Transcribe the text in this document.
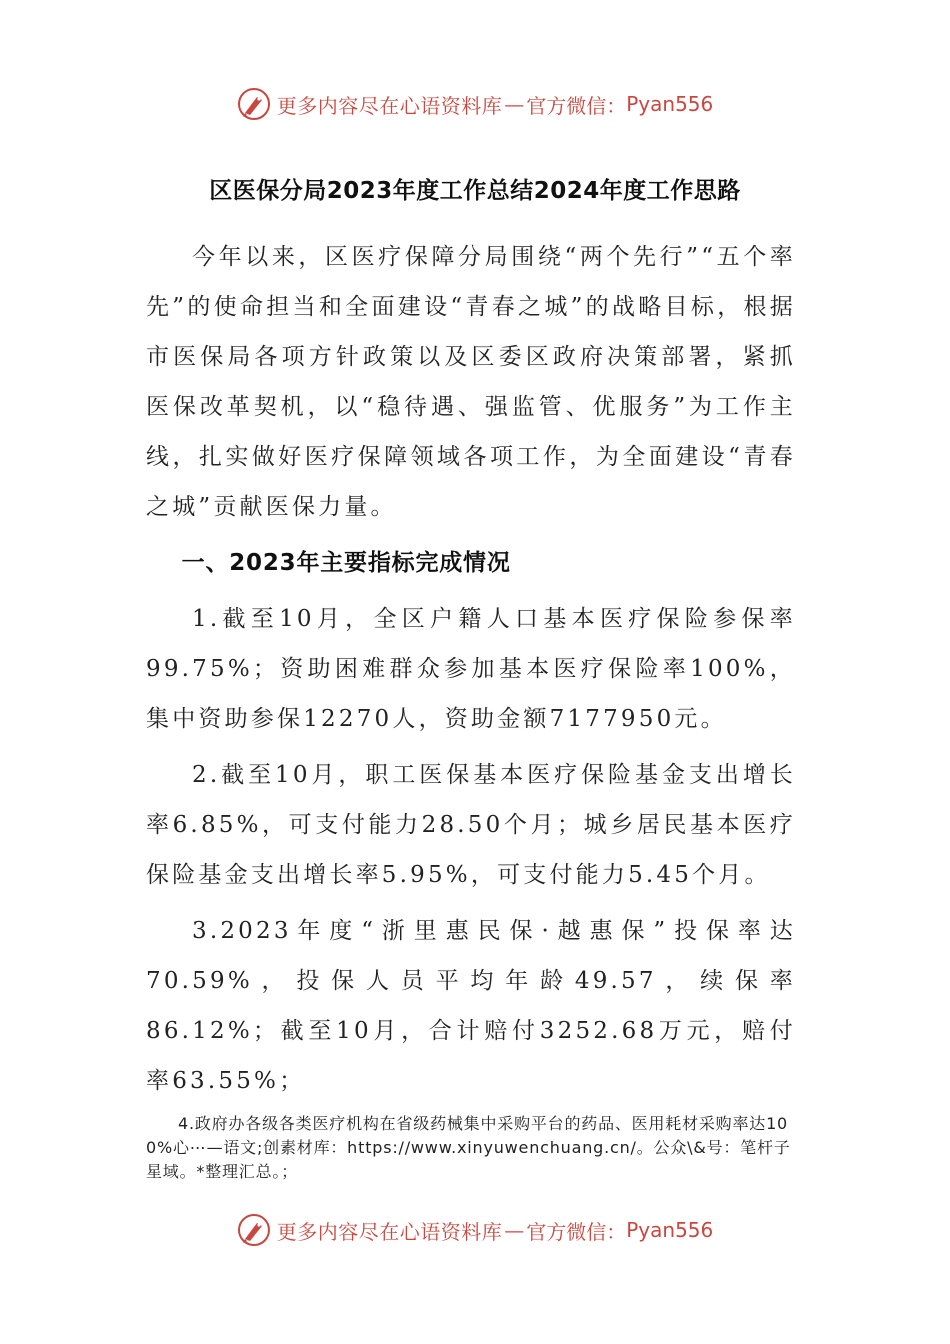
更多内容尽在心语资料库 — 官方微信： Pyan556
区医保分局2023年度工作总结2024年度工作思路

今年以来，区医疗保障分局围绕“两个先行”“五个率先”的使命担当和全面建设“青春之城”的战略目标，根据市医保局各项方针政策以及区委区政府决策部署，紧抓医保改革契机，以“稳待遇、强监管、优服务”为工作主线，扎实做好医疗保障领域各项工作，为全面建设“青春之城”贡献医保力量。

一、2023年主要指标完成情况

1.截至10月，全区户籍人口基本医疗保险参保率99.75%；资助困难群众参加基本医疗保险率100%，集中资助参保12270人，资助金额7177950元。

2.截至10月，职工医保基本医疗保险基金支出增长率6.85%，可支付能力28.50个月；城乡居民基本医疗保险基金支出增长率5.95%，可支付能力5.45个月。

3.2023年度“浙里惠民保·越惠保”投保率达70.59%，投保人员平均年龄49.57，续保率86.12%；截至10月，合计赔付3252.68万元，赔付率63.55%；

4.政府办各级各类医疗机构在省级药械集中采购平台的药品、医用耗材采购率达100%心⋯—语文;创素材库：https://www.xinyuwenchuang.cn/。公众\&号：笔杆子星域。*整理汇总。；

更多内容尽在心语资料库 — 官方微信： Pyan556
